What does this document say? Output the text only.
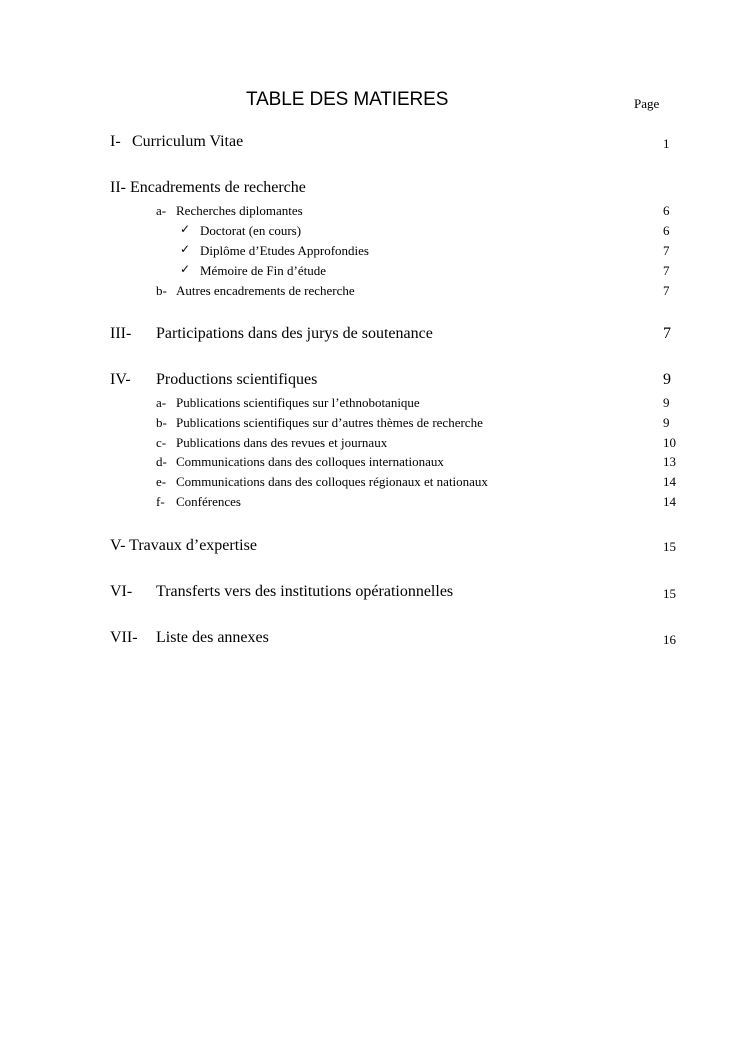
TABLE DES MATIERES	Page
I- Curriculum Vitae	1
II- Encadrements de recherche
a- Recherches diplomantes	6
✓ Doctorat (en cours)	6
✓ Diplôme d’Etudes Approfondies	7
✓ Mémoire de Fin d’étude	7
b- Autres encadrements de recherche	7
III- Participations dans des jurys de soutenance	7
IV- Productions scientifiques	9
a- Publications scientifiques sur l’ethnobotanique	9
b- Publications scientifiques sur d’autres thèmes de recherche	9
c- Publications dans des revues et journaux	10
d- Communications dans des colloques internationaux	13
e- Communications dans des colloques régionaux et nationaux	14
f- Conférences	14
V- Travaux d’expertise	15
VI- Transferts vers des institutions opérationnelles	15
VII- Liste des annexes	16
